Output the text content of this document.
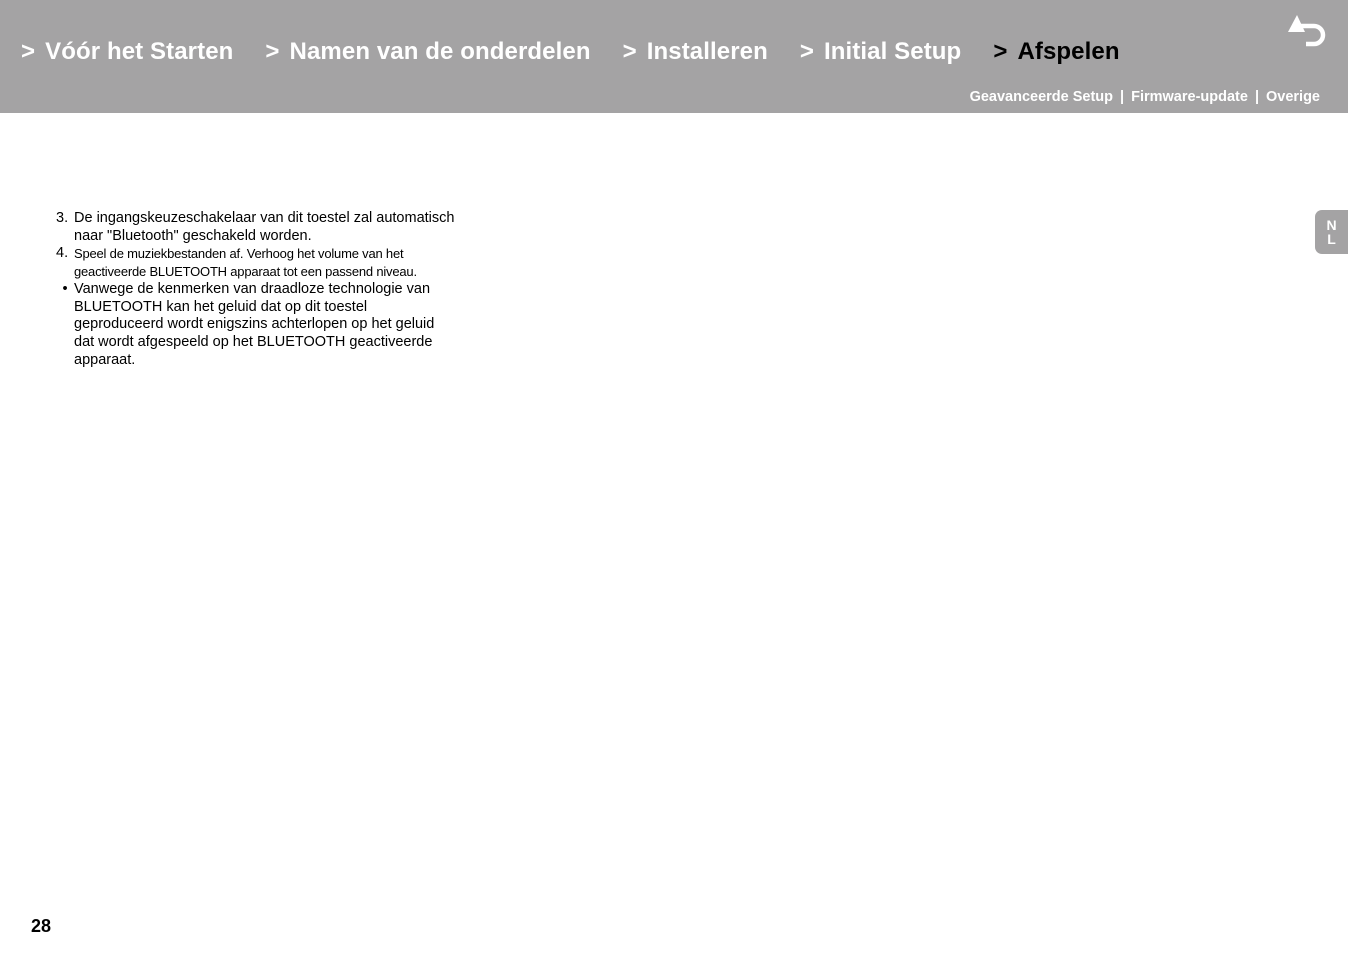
> Vóór het Starten > Namen van de onderdelen > Installeren > Initial Setup > Afspelen
Geavanceerde Setup | Firmware-update | Overige
N
L
3. De ingangskeuzeschakelaar van dit toestel zal automatisch naar "Bluetooth" geschakeld worden.
4. Speel de muziekbestanden af. Verhoog het volume van het geactiveerde BLUETOOTH apparaat tot een passend niveau.
• Vanwege de kenmerken van draadloze technologie van BLUETOOTH kan het geluid dat op dit toestel geproduceerd wordt enigszins achterlopen op het geluid dat wordt afgespeeld op het BLUETOOTH geactiveerde apparaat.
28
